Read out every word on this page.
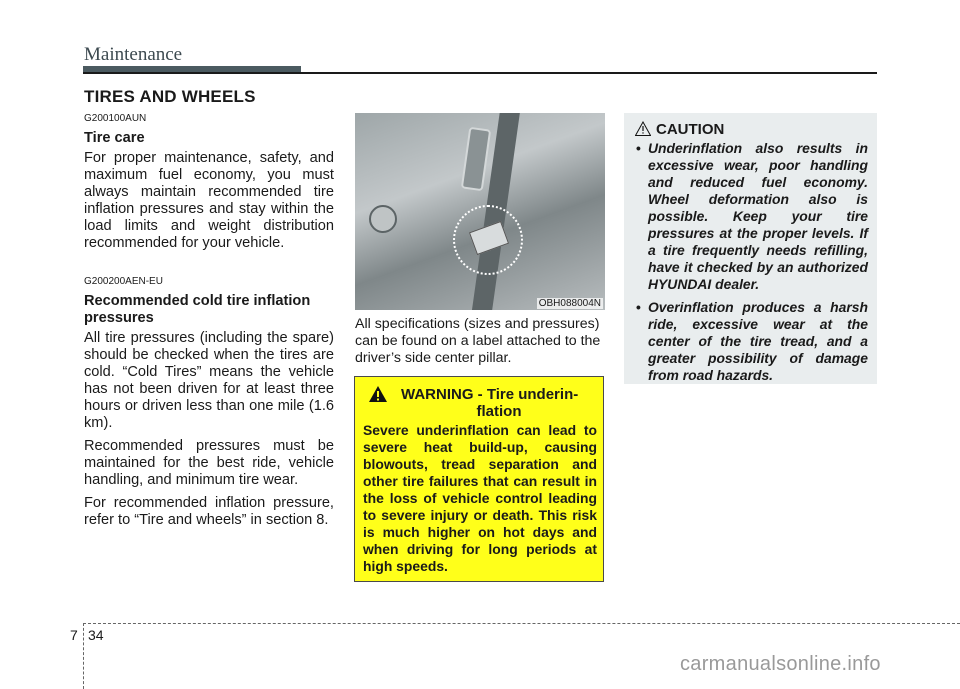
Maintenance
TIRES AND WHEELS
G200100AUN
Tire care

For proper maintenance, safety, and maximum fuel economy, you must always maintain recommended tire inflation pressures and stay within the load limits and weight distribution recommended for your vehicle.

G200200AEN-EU
Recommended cold tire inflation pressures

All tire pressures (including the spare) should be checked when the tires are cold. “Cold Tires” means the vehicle has not been driven for at least three hours or driven less than one mile (1.6 km).

Recommended pressures must be maintained for the best ride, vehicle handling, and minimum tire wear.

For recommended inflation pressure, refer to “Tire and wheels” in section 8.

OBH088004N
All specifications (sizes and pressures) can be found on a label attached to the driver’s side center pillar.
WARNING - Tire underin-
flation
Severe underinflation can lead to severe heat build-up, causing blowouts, tread separation and other tire failures that can result in the loss of vehicle control leading to severe injury or death. This risk is much higher on hot days and when driving for long periods at high speeds.
CAUTION
• Underinflation also results in excessive wear, poor handling and reduced fuel economy. Wheel deformation also is possible. Keep your tire pressures at the proper levels. If a tire frequently needs refilling, have it checked by an authorized HYUNDAI dealer.
• Overinflation produces a harsh ride, excessive wear at the center of the tire tread, and a greater possibility of damage from road hazards.
7 34
carmanualsonline.info
